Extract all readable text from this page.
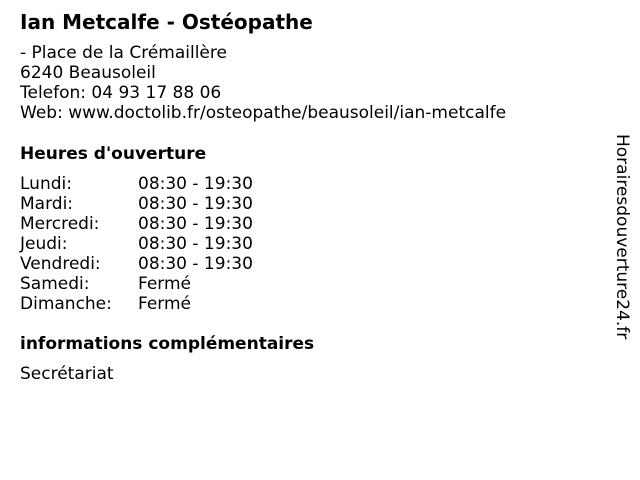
Ian Metcalfe - Ostéopathe
- Place de la Crémaillère
6240 Beausoleil
Telefon: 04 93 17 88 06
Web: www.doctolib.fr/osteopathe/beausoleil/ian-metcalfe
Heures d'ouverture
Lundi:	08:30 - 19:30
Mardi:	08:30 - 19:30
Mercredi: 08:30 - 19:30
Jeudi:	08:30 - 19:30
Vendredi: 08:30 - 19:30
Samedi:	Fermé
Dimanche: Fermé
informations complémentaires
Secrétariat
Horairesdouverture24.fr
